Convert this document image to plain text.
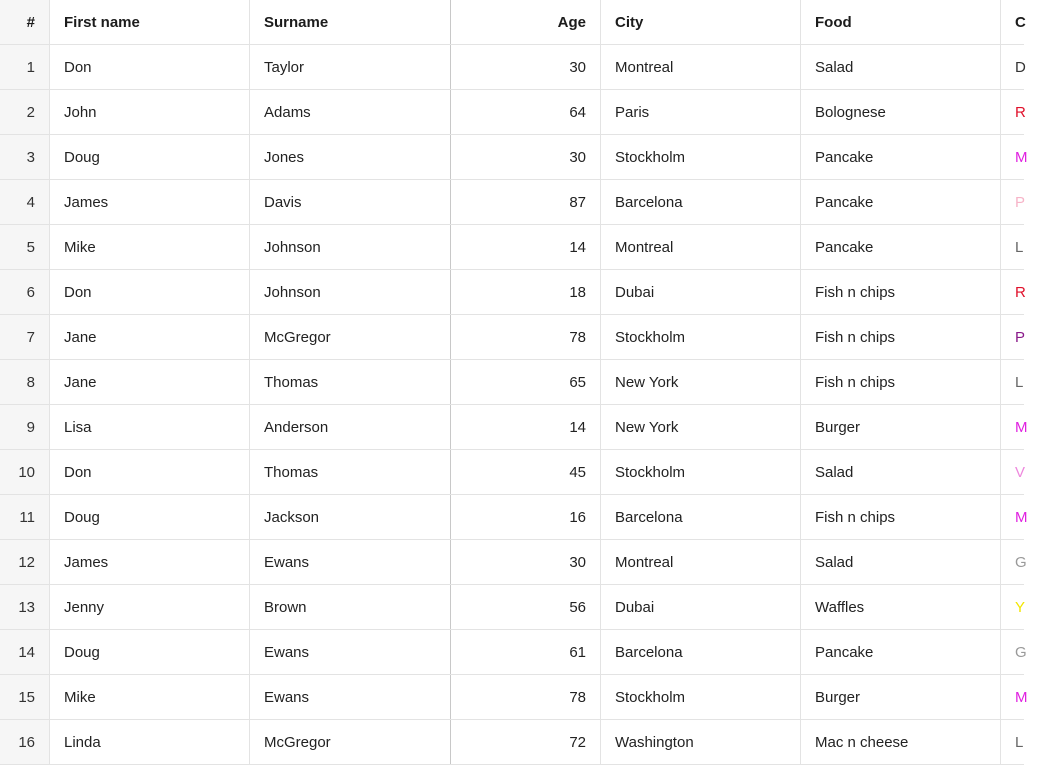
#	First name	Surname	Age	City	Food	C
1	Don	Taylor	30	Montreal	Salad	D
2	John	Adams	64	Paris	Bolognese	R
3	Doug	Jones	30	Stockholm	Pancake	M
4	James	Davis	87	Barcelona	Pancake	P
5	Mike	Johnson	14	Montreal	Pancake	L
6	Don	Johnson	18	Dubai	Fish n chips	R
7	Jane	McGregor	78	Stockholm	Fish n chips	P
8	Jane	Thomas	65	New York	Fish n chips	L
9	Lisa	Anderson	14	New York	Burger	M
10	Don	Thomas	45	Stockholm	Salad	V
11	Doug	Jackson	16	Barcelona	Fish n chips	M
12	James	Ewans	30	Montreal	Salad	G
13	Jenny	Brown	56	Dubai	Waffles	Y
14	Doug	Ewans	61	Barcelona	Pancake	G
15	Mike	Ewans	78	Stockholm	Burger	M
16	Linda	McGregor	72	Washington	Mac n cheese	L
